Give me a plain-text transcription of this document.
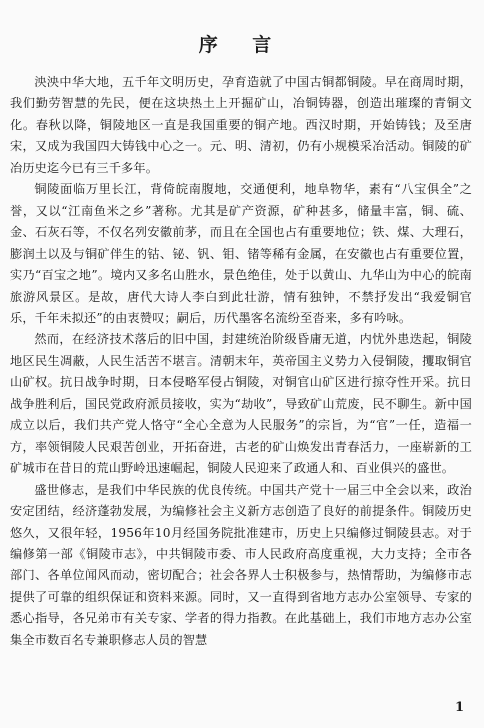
序 言

泱泱中华大地，五千年文明历史，孕育造就了中国古铜都铜陵。早在商周时期，我们勤劳智慧的先民，便在这块热土上开掘矿山，冶铜铸器，创造出璀璨的青铜文化。春秋以降，铜陵地区一直是我国重要的铜产地。西汉时期，开始铸钱；及至唐宋，又成为我国四大铸钱中心之一。元、明、清初，仍有小规模采冶活动。铜陵的矿冶历史迄今已有三千多年。

铜陵面临万里长江，背倚皖南腹地，交通便利，地阜物华，素有“八宝俱全”之誉，又以“江南鱼米之乡”著称。尤其是矿产资源，矿种甚多，储量丰富，铜、硫、金、石灰石等，不仅名列安徽前茅，而且在全国也占有重要地位；铁、煤、大理石，膨润土以及与铜矿伴生的钴、铋、钒、钼、锗等稀有金属，在安徽也占有重要位置，实乃“百宝之地”。境内又多名山胜水，景色绝佳，处于以黄山、九华山为中心的皖南旅游风景区。是故，唐代大诗人李白到此壮游，情有独钟，不禁抒发出“我爱铜官乐，千年未拟还”的由衷赞叹；嗣后，历代墨客名流纷至沓来，多有吟咏。

然而，在经济技术落后的旧中国，封建统治阶级昏庸无道，内忧外患迭起，铜陵地区民生凋蔽，人民生活苦不堪言。清朝末年，英帝国主义势力入侵铜陵，攫取铜官山矿权。抗日战争时期，日本侵略军侵占铜陵，对铜官山矿区进行掠夺性开采。抗日战争胜利后，国民党政府派员接收，实为“劫收”，导致矿山荒废，民不聊生。新中国成立以后，我们共产党人恪守“全心全意为人民服务”的宗旨，为“官”一任，造福一方，率领铜陵人民艰苦创业，开拓奋进，古老的矿山焕发出青春活力，一座崭新的工矿城市在昔日的荒山野岭迅速崛起，铜陵人民迎来了政通人和、百业俱兴的盛世。

盛世修志，是我们中华民族的优良传统。中国共产党十一届三中全会以来，政治安定团结，经济蓬勃发展，为编修社会主义新方志创造了良好的前提条件。铜陵历史悠久，又很年轻，1956年10月经国务院批准建市，历史上只编修过铜陵县志。对于编修第一部《铜陵市志》，中共铜陵市委、市人民政府高度重视，大力支持；全市各部门、各单位闻风而动，密切配合；社会各界人士积极参与，热情帮助，为编修市志提供了可靠的组织保证和资料来源。同时，又一直得到省地方志办公室领导、专家的悉心指导，各兄弟市有关专家、学者的得力指教。在此基础上，我们市地方志办公室集全市数百名专兼职修志人员的智慧

1
